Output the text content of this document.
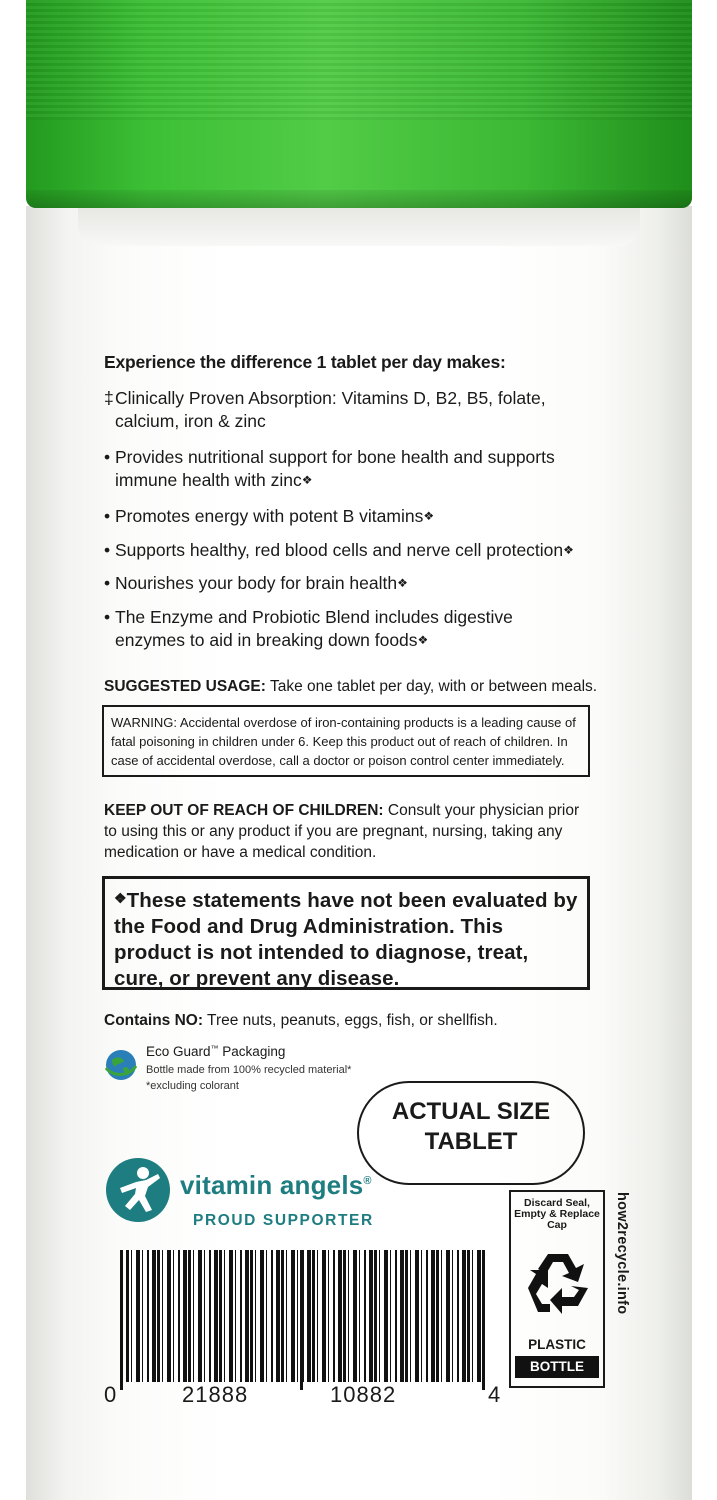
Experience the difference 1 tablet per day makes:
‡ Clinically Proven Absorption: Vitamins D, B2, B5, folate, calcium, iron & zinc
• Provides nutritional support for bone health and supports immune health with zinc❖
• Promotes energy with potent B vitamins❖
• Supports healthy, red blood cells and nerve cell protection❖
• Nourishes your body for brain health❖
• The Enzyme and Probiotic Blend includes digestive enzymes to aid in breaking down foods❖
SUGGESTED USAGE: Take one tablet per day, with or between meals.
WARNING: Accidental overdose of iron-containing products is a leading cause of fatal poisoning in children under 6. Keep this product out of reach of children. In case of accidental overdose, call a doctor or poison control center immediately.
KEEP OUT OF REACH OF CHILDREN: Consult your physician prior to using this or any product if you are pregnant, nursing, taking any medication or have a medical condition.
❖These statements have not been evaluated by the Food and Drug Administration. This product is not intended to diagnose, treat, cure, or prevent any disease.
Contains NO: Tree nuts, peanuts, eggs, fish, or shellfish.
Eco Guard™ Packaging
Bottle made from 100% recycled material*
*excluding colorant
ACTUAL SIZE
TABLET
vitamin angels®
PROUD SUPPORTER
0	21888	10882	4
Discard Seal, Empty & Replace Cap
PLASTIC
BOTTLE
how2recycle.info
